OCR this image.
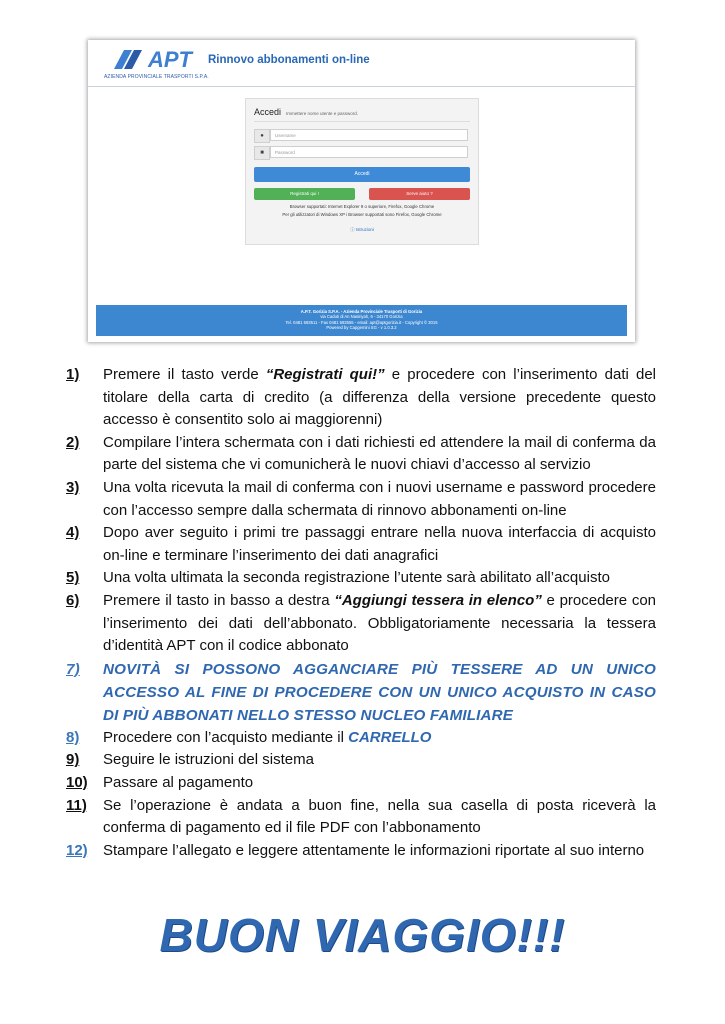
APT
AZIENDA PROVINCIALE TRASPORTI S.P.A.
Rinnovo abbonamenti on-line
Accedi Immettere nome utente e password.
●	Username
■	Password
Accedi
Registrati qui !	Serve aiuto ?
Browser supportati: Internet Explorer 9 o superiore, Firefox, Google Chrome
Per gli utilizzatori di Windows XP i Browser supportati sono Firefox, Google Chrome
ⓘ Istruzioni
A.P.T. Gorizia S.P.A. - Azienda Provinciale Trasporti di Gorizia
via Caduti di An Nasiriyah, 6 - 34170 Gorizia
Tel. 0481 593511 - Fax 0481 593555 - email: apt@aptgorizia.it - Copyright © 2015
Powered by Capgemini SG - v 1.0.3.2
1) Premere il tasto verde “Registrati qui!” e procedere con l’inserimento dati del titolare della carta di credito (a differenza della versione precedente questo accesso è consentito solo ai maggiorenni)
2) Compilare l’intera schermata con i dati richiesti ed attendere la mail di conferma da parte del sistema che vi comunicherà le nuovi chiavi d’accesso al servizio
3) Una volta ricevuta la mail di conferma con i nuovi username e password procedere con l’accesso sempre dalla schermata di rinnovo abbonamenti on-line
4) Dopo aver seguito i primi tre passaggi entrare nella nuova interfaccia di acquisto on-line e terminare l’inserimento dei dati anagrafici
5) Una volta ultimata la seconda registrazione l’utente sarà abilitato all’acquisto
6) Premere il tasto in basso a destra “Aggiungi tessera in elenco” e procedere con l’inserimento dei dati dell’abbonato. Obbligatoriamente necessaria la tessera d’identità APT con il codice abbonato
7) NOVITÀ SI POSSONO AGGANCIARE PIÙ TESSERE AD UN UNICO ACCESSO AL FINE DI PROCEDERE CON UN UNICO ACQUISTO IN CASO DI PIÙ ABBONATI NELLO STESSO NUCLEO FAMILIARE
8) Procedere con l’acquisto mediante il CARRELLO
9) Seguire le istruzioni del sistema
10) Passare al pagamento
11) Se l’operazione è andata a buon fine, nella sua casella di posta riceverà la conferma di pagamento ed il file PDF con l’abbonamento
12) Stampare l’allegato e leggere attentamente le informazioni riportate al suo interno
BUON VIAGGIO!!!
